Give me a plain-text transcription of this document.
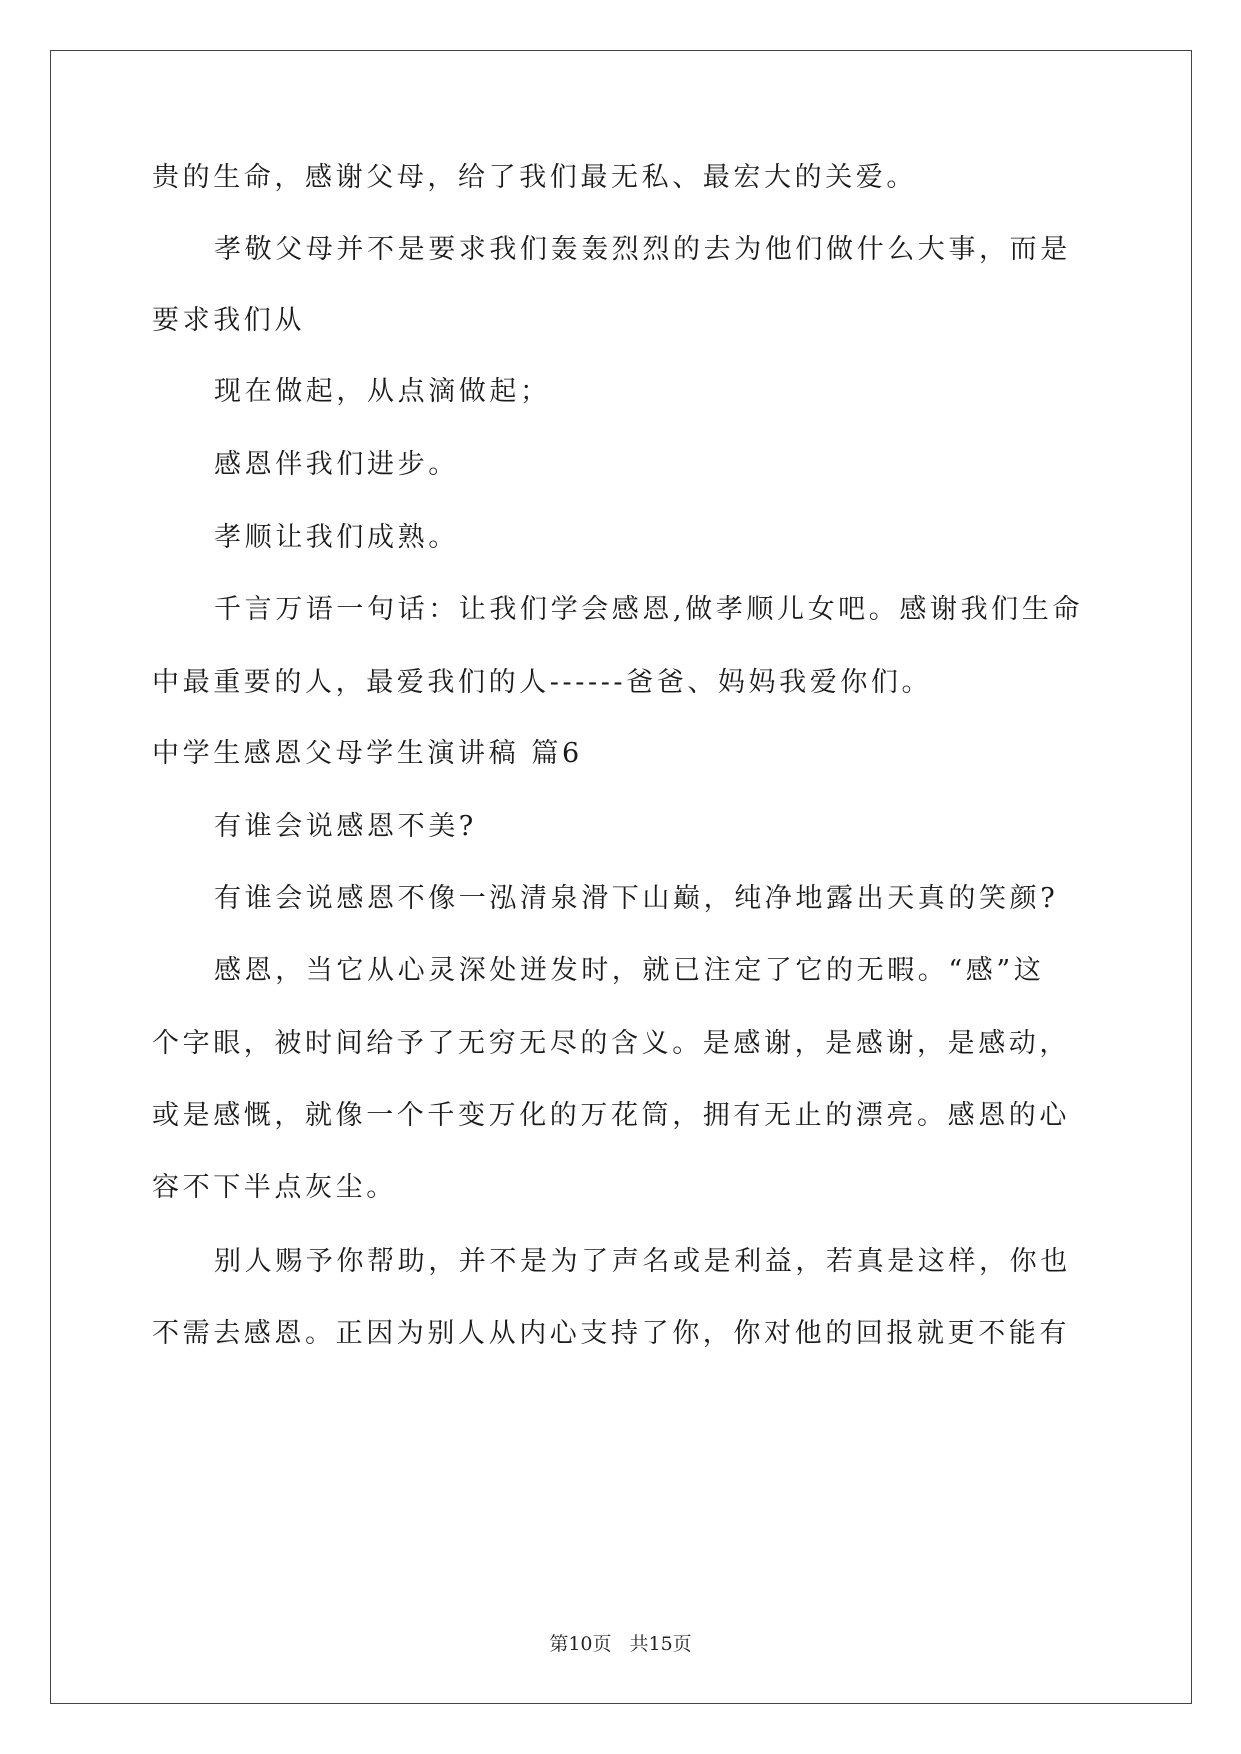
贵的生命，感谢父母，给了我们最无私、最宏大的关爱。
孝敬父母并不是要求我们轰轰烈烈的去为他们做什么大事，而是
要求我们从
现在做起，从点滴做起；
感恩伴我们进步。
孝顺让我们成熟。
千言万语一句话：让我们学会感恩,做孝顺儿女吧。感谢我们生命
中最重要的人，最爱我们的人------爸爸、妈妈我爱你们。
中学生感恩父母学生演讲稿 篇6
有谁会说感恩不美?
有谁会说感恩不像一泓清泉滑下山巅，纯净地露出天真的笑颜?
感恩，当它从心灵深处迸发时，就已注定了它的无暇。“感”这
个字眼，被时间给予了无穷无尽的含义。是感谢，是感谢，是感动，
或是感慨，就像一个千变万化的万花筒，拥有无止的漂亮。感恩的心
容不下半点灰尘。
别人赐予你帮助，并不是为了声名或是利益，若真是这样，你也
不需去感恩。正因为别人从内心支持了你，你对他的回报就更不能有
第10页 共15页
